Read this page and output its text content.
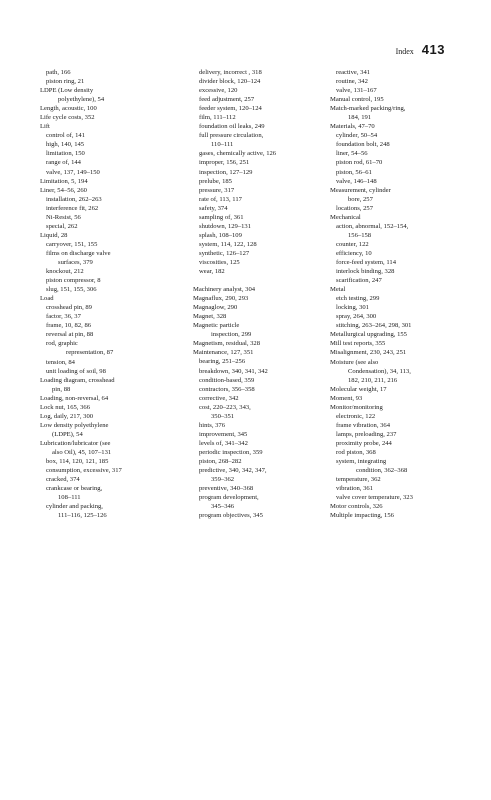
Index 413
path, 166
piston ring, 21
LDPE (Low density
polyethylene), 54
Length, acoustic, 100
Life cycle costs, 352
Lift
control of, 141
high, 140, 145
limitation, 150
range of, 144
valve, 137, 149–150
Limitation, 5, 194
Liner, 54–56, 260
installation, 262–263
interference fit, 262
Ni-Resist, 56
special, 262
Liquid, 28
carryover, 151, 155
films on discharge valve
surfaces, 379
knockout, 212
piston compressor, 8
slug, 151, 155, 306
Load
crosshead pin, 89
factor, 36, 37
frame, 10, 82, 86
reversal at pin, 88
rod, graphic
representation, 87
tension, 84
unit loading of soil, 98
Loading diagram, crosshead
pin, 88
Loading, non-reversal, 64
Lock nut, 165, 366
Log, daily, 217, 300
Low density polyethylene
(LDPE), 54
Lubrication/lubricator (see
also Oil), 45, 107–131
box, 114, 120, 121, 185
consumption, excessive, 317
cracked, 374
crankcase or bearing,
108–111
cylinder and packing,
111–116, 125–126
delivery, incorrect , 318
divider block, 120–124
excessive, 120
feed adjustment, 257
feeder system, 120–124
film, 111–112
foundation oil leaks, 249
full pressure circulation,
110–111
gases, chemically active, 126
improper, 156, 251
inspection, 127–129
prelube, 185
pressure, 317
rate of, 113, 117
safety, 374
sampling of, 361
shutdown, 129–131
splash, 108–109
system, 114, 122, 128
synthetic, 126–127
viscosities, 125
wear, 182
Machinery analyst, 304
Magnaflux, 290, 293
Magnaglow, 290
Magnet, 328
Magnetic particle
inspection, 299
Magnetism, residual, 328
Maintenance, 127, 351
bearing, 251–256
breakdown, 340, 341, 342
condition-based, 359
contractors, 356–358
corrective, 342
cost, 220–223, 343,
350–351
hints, 376
improvement, 345
levels of, 341–342
periodic inspection, 359
piston, 268–282
predictive, 340, 342, 347,
359–362
preventive, 340–368
program development,
345–346
program objectives, 345
reactive, 341
routine, 342
valve, 131–167
Manual control, 195
Match-marked packing/ring,
184, 191
Materials, 47–70
cylinder, 50–54
foundation bolt, 248
liner, 54–56
piston rod, 61–70
piston, 56–61
valve, 146–148
Measurement, cylinder
bore, 257
locations, 257
Mechanical
action, abnormal, 152–154,
156–158
counter, 122
efficiency, 10
force-feed system, 114
interlock binding, 328
scarification, 247
Metal
etch testing, 299
locking, 301
spray, 264, 300
stitching, 263–264, 298, 301
Metallurgical upgrading, 155
Mill test reports, 355
Misalignment, 230, 243, 251
Moisture (see also
Condensation), 34, 113,
182, 210, 211, 216
Molecular weight, 17
Moment, 93
Monitor/monitoring
electronic, 122
frame vibration, 364
lamps, preloading, 237
proximity probe, 244
rod piston, 368
system, integrating
condition, 362–368
temperature, 362
vibration, 361
valve cover temperature, 323
Motor controls, 326
Multiple impacting, 156
